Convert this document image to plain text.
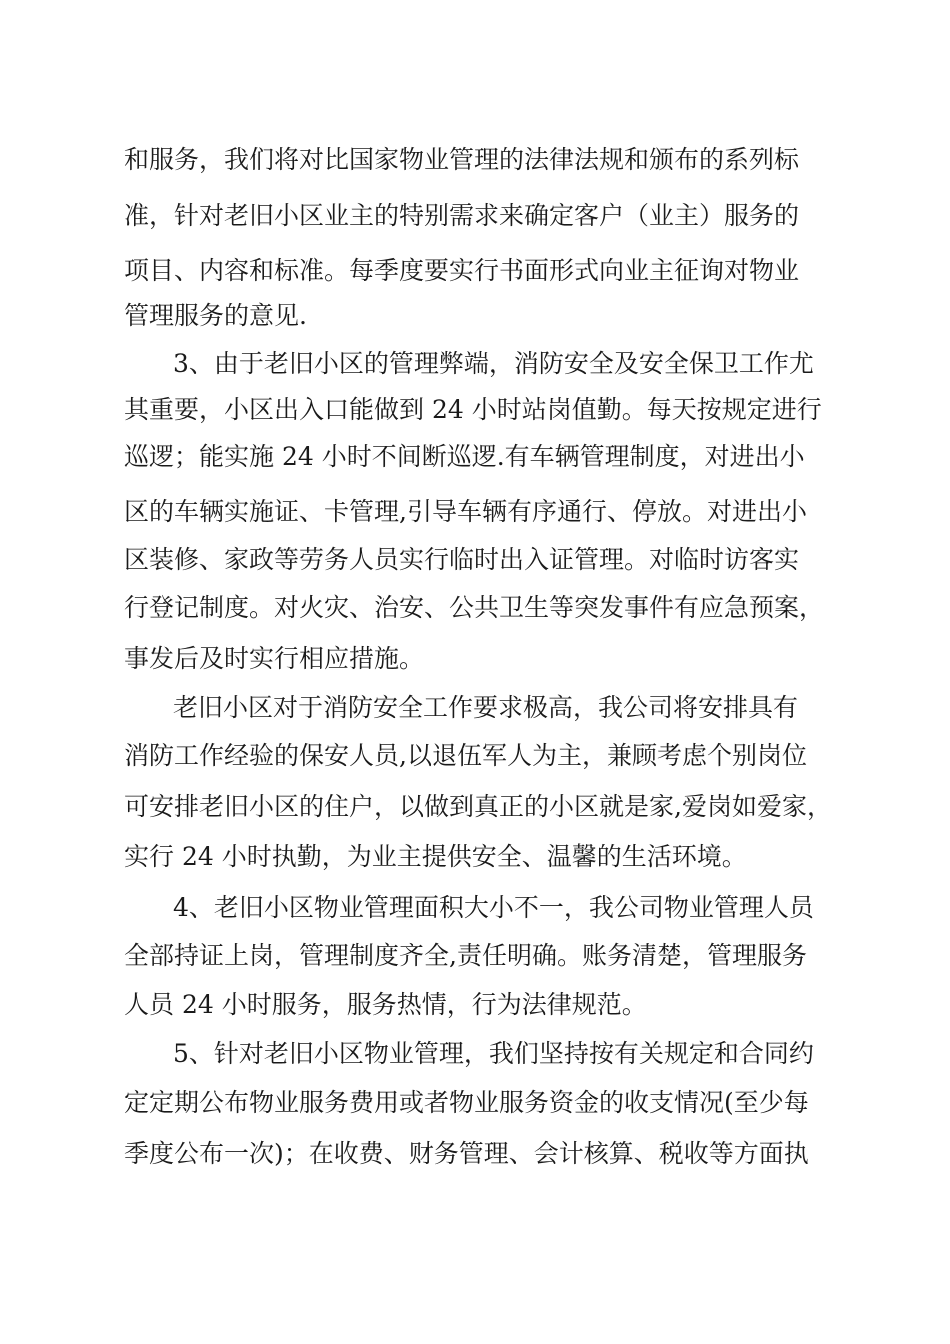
和服务，我们将对比国家物业管理的法律法规和颁布的系列标
准，针对老旧小区业主的特别需求来确定客户（业主）服务的
项目、内容和标准。每季度要实行书面形式向业主征询对物业
管理服务的意见.
3、由于老旧小区的管理弊端，消防安全及安全保卫工作尤
其重要，小区出入口能做到 24 小时站岗值勤。每天按规定进行
巡逻；能实施 24 小时不间断巡逻.有车辆管理制度，对进出小
区的车辆实施证、卡管理,引导车辆有序通行、停放。对进出小
区装修、家政等劳务人员实行临时出入证管理。对临时访客实
行登记制度。对火灾、治安、公共卫生等突发事件有应急预案，
事发后及时实行相应措施。
老旧小区对于消防安全工作要求极高，我公司将安排具有
消防工作经验的保安人员,以退伍军人为主，兼顾考虑个别岗位
可安排老旧小区的住户，以做到真正的小区就是家,爱岗如爱家，
实行 24 小时执勤，为业主提供安全、温馨的生活环境。
4、老旧小区物业管理面积大小不一，我公司物业管理人员
全部持证上岗，管理制度齐全,责任明确。账务清楚，管理服务
人员 24 小时服务，服务热情，行为法律规范。
5、针对老旧小区物业管理，我们坚持按有关规定和合同约
定定期公布物业服务费用或者物业服务资金的收支情况(至少每
季度公布一次)；在收费、财务管理、会计核算、税收等方面执
